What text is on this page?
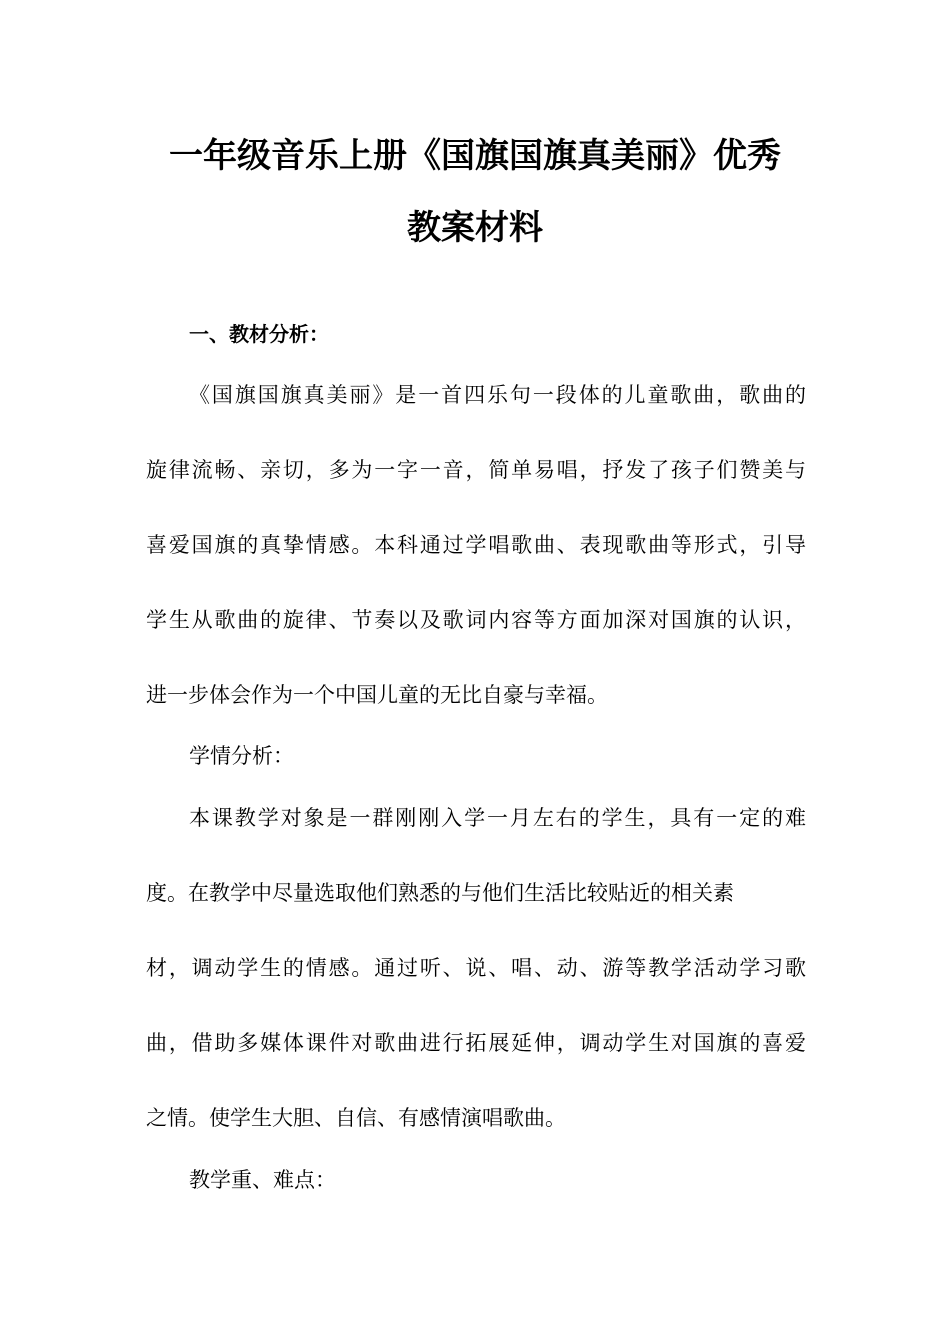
一年级音乐上册《国旗国旗真美丽》优秀
教案材料
一、教材分析：
《国旗国旗真美丽》是一首四乐句一段体的儿童歌曲，歌曲的
旋律流畅、亲切，多为一字一音，简单易唱，抒发了孩子们赞美与
喜爱国旗的真挚情感。本科通过学唱歌曲、表现歌曲等形式，引导
学生从歌曲的旋律、节奏以及歌词内容等方面加深对国旗的认识，
进一步体会作为一个中国儿童的无比自豪与幸福。
学情分析：
本课教学对象是一群刚刚入学一月左右的学生，具有一定的难
度。在教学中尽量选取他们熟悉的与他们生活比较贴近的相关素
材，调动学生的情感。通过听、说、唱、动、游等教学活动学习歌
曲，借助多媒体课件对歌曲进行拓展延伸，调动学生对国旗的喜爱
之情。使学生大胆、自信、有感情演唱歌曲。
教学重、难点：
